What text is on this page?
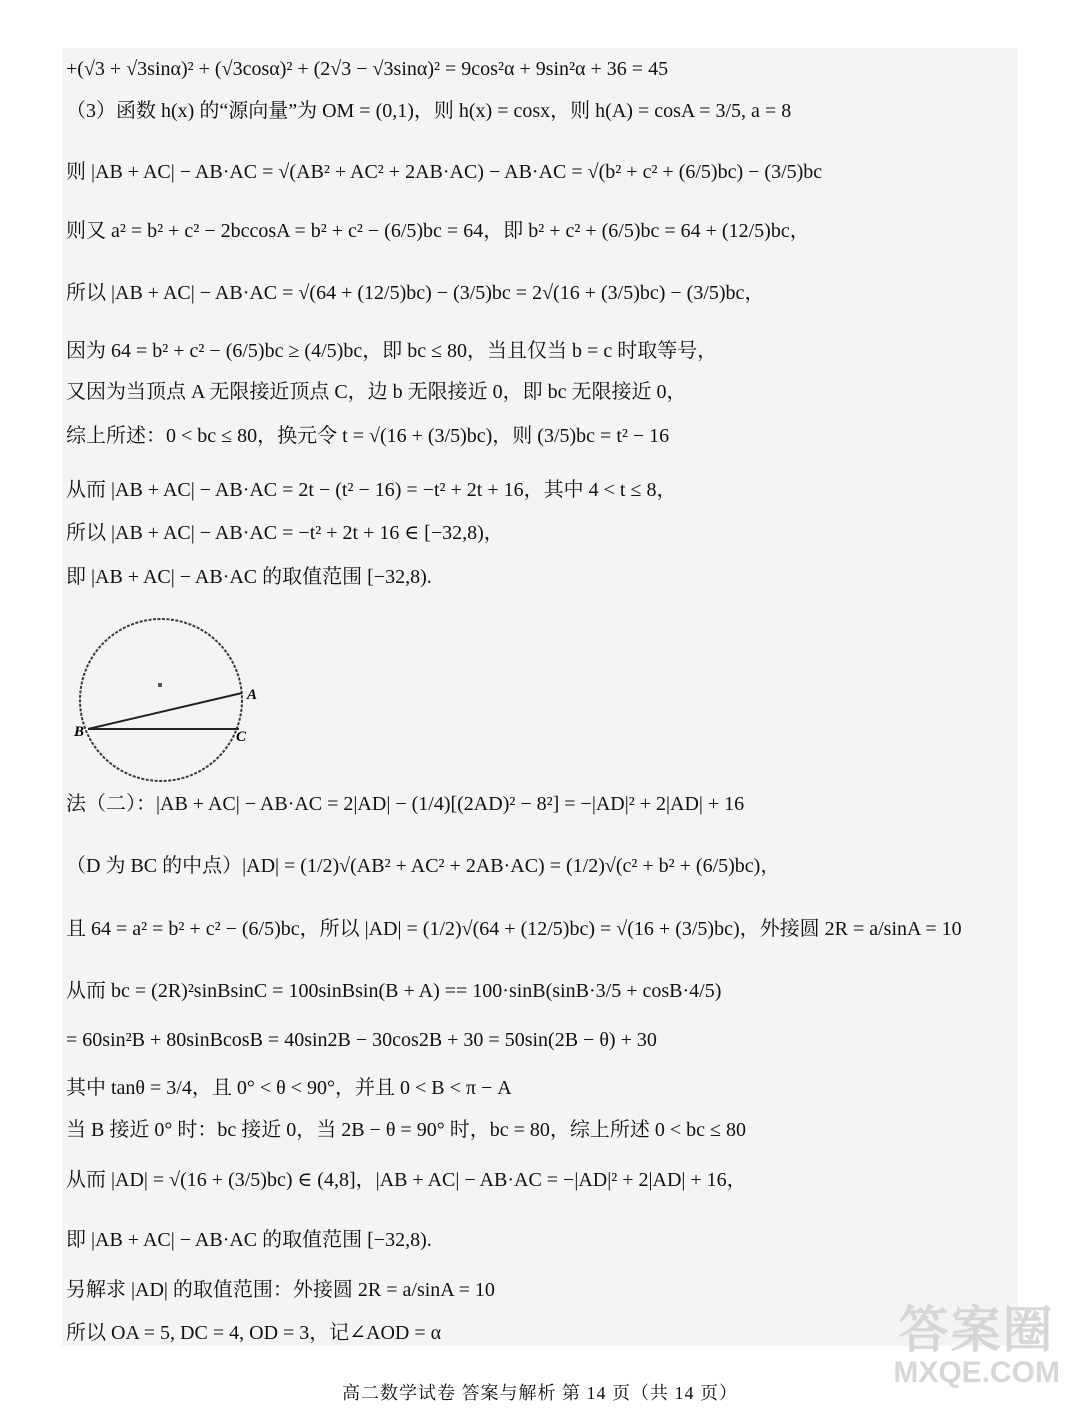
+(√3 + √3sinα)² + (√3cosα)² + (2√3 − √3sinα)² = 9cos²α + 9sin²α + 36 = 45
（3）函数 h(x) 的“源向量”为 OM = (0,1)，则 h(x) = cosx，则 h(A) = cosA = 3/5, a = 8
则 |AB + AC| − AB·AC = √(AB² + AC² + 2AB·AC) − AB·AC = √(b² + c² + (6/5)bc) − (3/5)bc
则又 a² = b² + c² − 2bccosA = b² + c² − (6/5)bc = 64，即 b² + c² + (6/5)bc = 64 + (12/5)bc，
所以 |AB + AC| − AB·AC = √(64 + (12/5)bc) − (3/5)bc = 2√(16 + (3/5)bc) − (3/5)bc，
因为 64 = b² + c² − (6/5)bc ≥ (4/5)bc，即 bc ≤ 80，当且仅当 b = c 时取等号，
又因为当顶点 A 无限接近顶点 C，边 b 无限接近 0，即 bc 无限接近 0，
综上所述：0 < bc ≤ 80，换元令 t = √(16 + (3/5)bc)，则 (3/5)bc = t² − 16
从而 |AB + AC| − AB·AC = 2t − (t² − 16) = −t² + 2t + 16，其中 4 < t ≤ 8，
所以 |AB + AC| − AB·AC = −t² + 2t + 16 ∈ [−32,8)，
即 |AB + AC| − AB·AC 的取值范围 [−32,8).
A
B	C
法（二）：|AB + AC| − AB·AC = 2|AD| − (1/4)[(2AD)² − 8²] = −|AD|² + 2|AD| + 16
（D 为 BC 的中点）|AD| = (1/2)√(AB² + AC² + 2AB·AC) = (1/2)√(c² + b² + (6/5)bc)，
且 64 = a² = b² + c² − (6/5)bc，所以 |AD| = (1/2)√(64 + (12/5)bc) = √(16 + (3/5)bc)，外接圆 2R = a/sinA = 10
从而 bc = (2R)²sinBsinC = 100sinBsin(B + A) == 100·sinB(sinB·3/5 + cosB·4/5)
= 60sin²B + 80sinBcosB = 40sin2B − 30cos2B + 30 = 50sin(2B − θ) + 30
其中 tanθ = 3/4，且 0° < θ < 90°，并且 0 < B < π − A
当 B 接近 0° 时：bc 接近 0，当 2B − θ = 90° 时，bc = 80，综上所述 0 < bc ≤ 80
从而 |AD| = √(16 + (3/5)bc) ∈ (4,8]，|AB + AC| − AB·AC = −|AD|² + 2|AD| + 16，
即 |AB + AC| − AB·AC 的取值范围 [−32,8).
另解求 |AD| 的取值范围：外接圆 2R = a/sinA = 10
所以 OA = 5, DC = 4, OD = 3，记∠AOD = α
高二数学试卷 答案与解析 第 14 页（共 14 页）
答案圈
MXQE.COM
